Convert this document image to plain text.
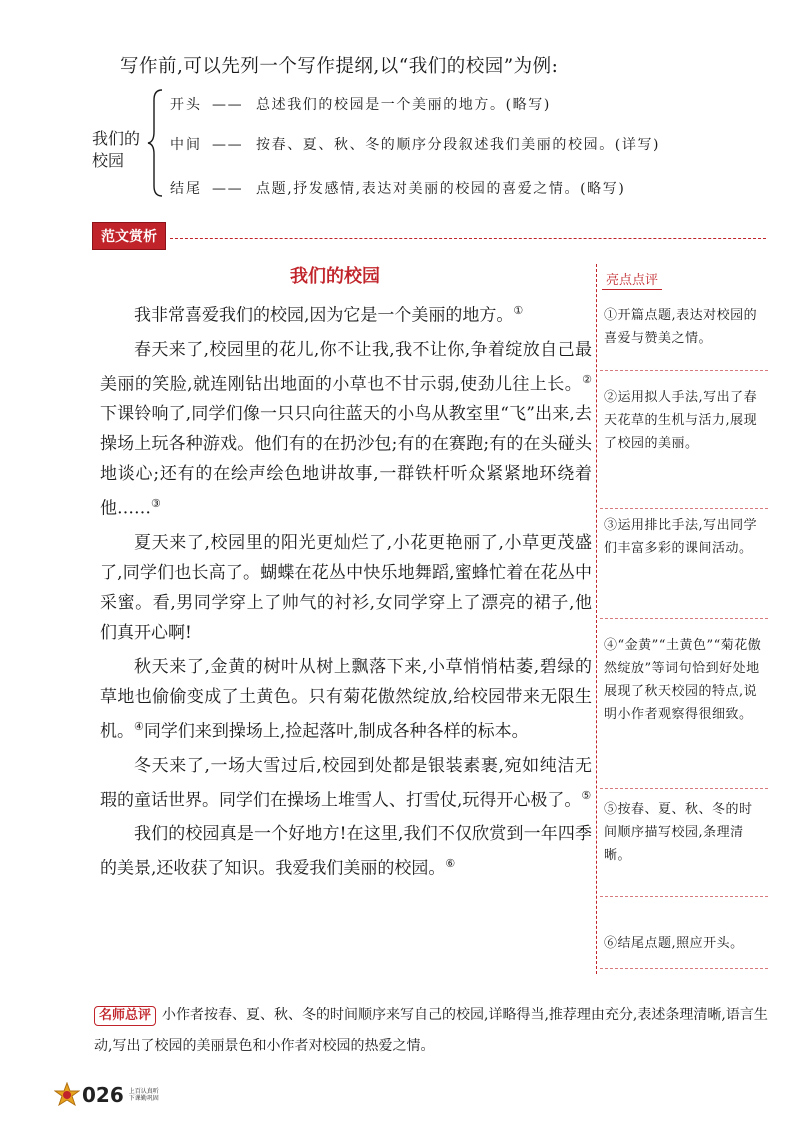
写作前,可以先列一个写作提纲,以“我们的校园”为例:
我们的校园
开头 —— 总述我们的校园是一个美丽的地方。(略写)
中间 —— 按春、夏、秋、冬的顺序分段叙述我们美丽的校园。(详写)
结尾 —— 点题,抒发感情,表达对美丽的校园的喜爱之情。(略写)
范文赏析
我们的校园

我非常喜爱我们的校园,因为它是一个美丽的地方。①

春天来了,校园里的花儿,你不让我,我不让你,争着绽放自己最美丽的笑脸,就连刚钻出地面的小草也不甘示弱,使劲儿往上长。②下课铃响了,同学们像一只只向往蓝天的小鸟从教室里“飞”出来,去操场上玩各种游戏。他们有的在扔沙包;有的在赛跑;有的在头碰头地谈心;还有的在绘声绘色地讲故事,一群铁杆听众紧紧地环绕着他……③

夏天来了,校园里的阳光更灿烂了,小花更艳丽了,小草更茂盛了,同学们也长高了。蝴蝶在花丛中快乐地舞蹈,蜜蜂忙着在花丛中采蜜。看,男同学穿上了帅气的衬衫,女同学穿上了漂亮的裙子,他们真开心啊!

秋天来了,金黄的树叶从树上飘落下来,小草悄悄枯萎,碧绿的草地也偷偷变成了土黄色。只有菊花傲然绽放,给校园带来无限生机。④同学们来到操场上,捡起落叶,制成各种各样的标本。

冬天来了,一场大雪过后,校园到处都是银装素裹,宛如纯洁无瑕的童话世界。同学们在操场上堆雪人、打雪仗,玩得开心极了。⑤

我们的校园真是一个好地方!在这里,我们不仅欣赏到一年四季的美景,还收获了知识。我爱我们美丽的校园。⑥

亮点点评
①开篇点题,表达对校园的喜爱与赞美之情。
②运用拟人手法,写出了春天花草的生机与活力,展现了校园的美丽。
③运用排比手法,写出同学们丰富多彩的课间活动。
④“金黄”“土黄色”“菊花傲然绽放”等词句恰到好处地展现了秋天校园的特点,说明小作者观察得很细致。
⑤按春、夏、秋、冬的时间顺序描写校园,条理清晰。
⑥结尾点题,照应开头。
名师总评 小作者按春、夏、秋、冬的时间顺序来写自己的校园,详略得当,推荐理由充分,表述条理清晰,语言生动,写出了校园的美丽景色和小作者对校园的热爱之情。
026 上百认真听
下课勤巩固
